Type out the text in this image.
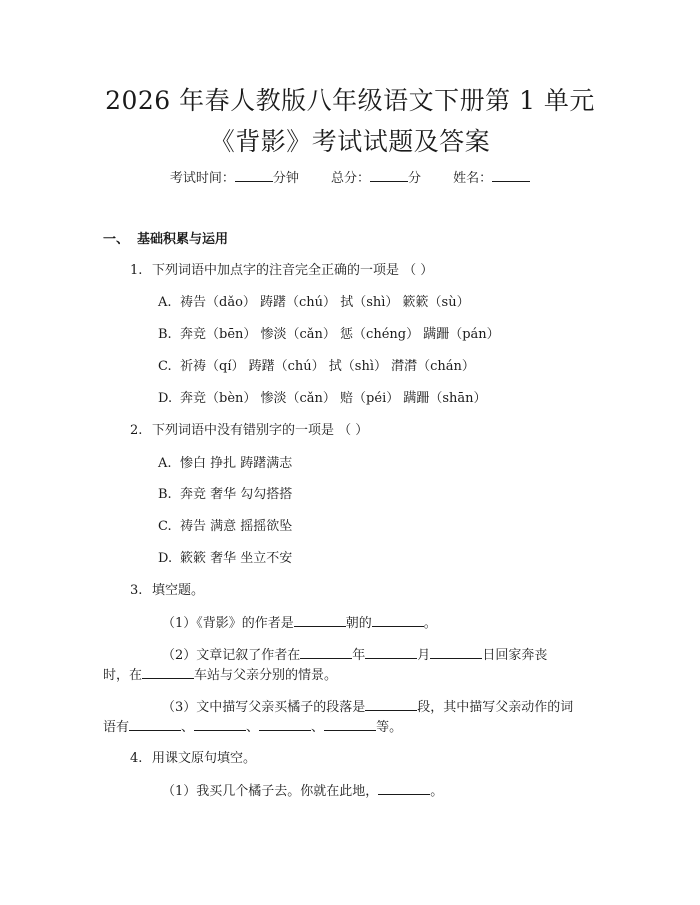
2026 年春人教版八年级语文下册第 1 单元
《背影》考试试题及答案
考试时间：	分钟 总分：	分 姓名：
一、 基础积累与运用
1. 下列词语中加点字的注音完全正确的一项是 （ ）
A. 祷告（dǎo） 踌躇（chú） 拭（shì） 簌簌（sù）
B. 奔竞（bēn） 惨淡（cǎn） 惩（chéng） 蹒跚（pán）
C. 祈祷（qí） 踌躇（chú） 拭（shì） 潸潸（chán）
D. 奔竞（bèn） 惨淡（cǎn） 赔（péi） 蹒跚（shān）
2. 下列词语中没有错别字的一项是 （ ）
A. 惨白 挣扎 踌躇满志
B. 奔竞 奢华 勾勾搭搭
C. 祷告 满意 摇摇欲坠
D. 簌簌 奢华 坐立不安
3. 填空题。
（1）《背影》的作者是	朝的	。
（2）文章记叙了作者在	年	月	日回家奔丧
时，在	车站与父亲分别的情景。
（3）文中描写父亲买橘子的段落是	段，其中描写父亲动作的词
语有	、	、	、	等。
4. 用课文原句填空。
（1）我买几个橘子去。你就在此地，	。
